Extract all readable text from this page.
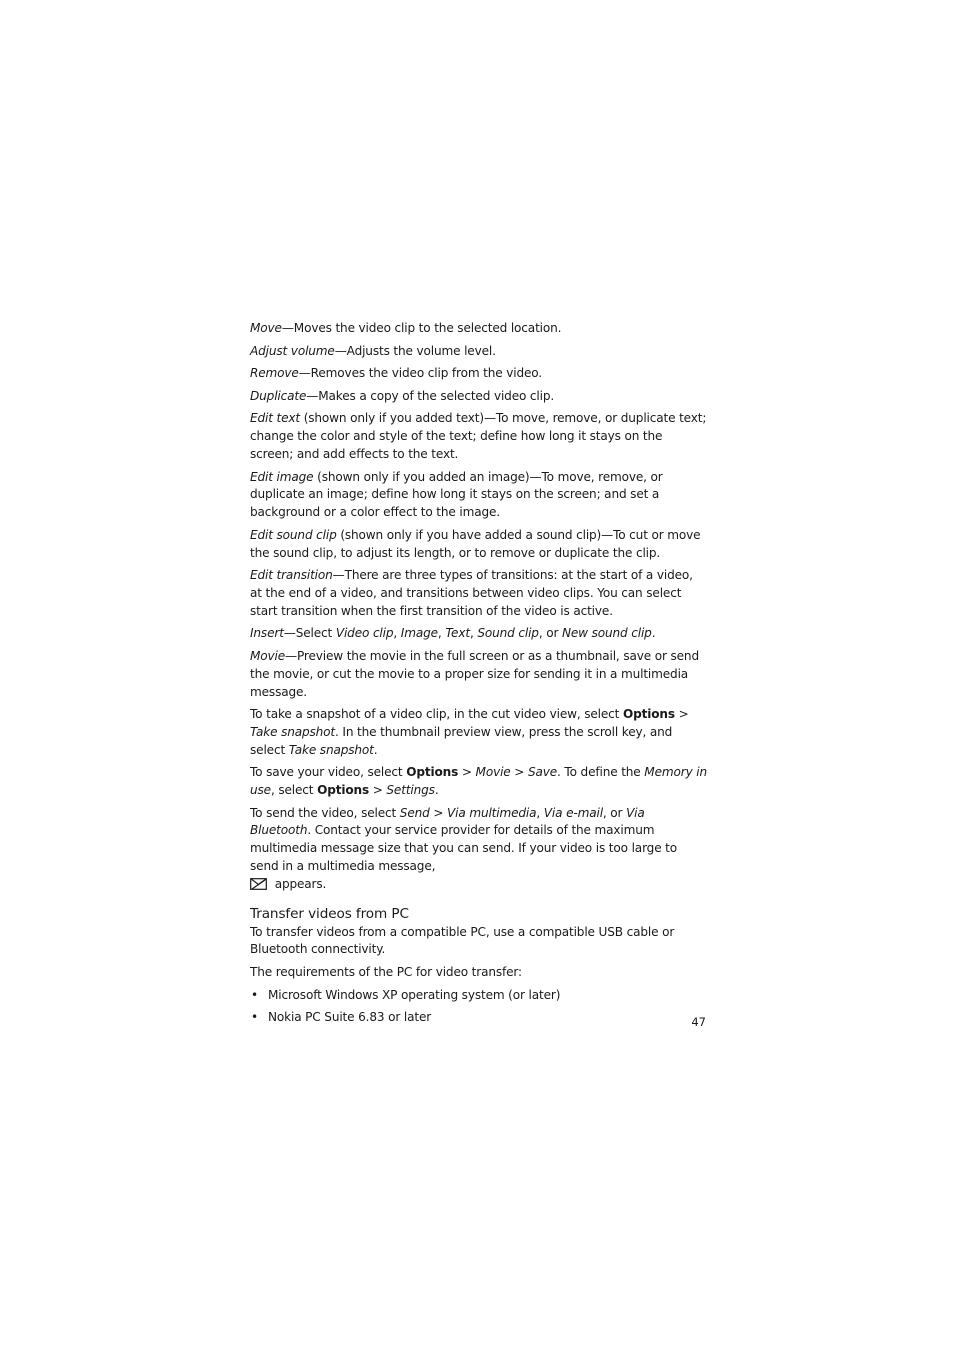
Move—Moves the video clip to the selected location.

Adjust volume—Adjusts the volume level.

Remove—Removes the video clip from the video.

Duplicate—Makes a copy of the selected video clip.

Edit text (shown only if you added text)—To move, remove, or duplicate text; change the color and style of the text; define how long it stays on the screen; and add effects to the text.

Edit image (shown only if you added an image)—To move, remove, or duplicate an image; define how long it stays on the screen; and set a background or a color effect to the image.

Edit sound clip (shown only if you have added a sound clip)—To cut or move the sound clip, to adjust its length, or to remove or duplicate the clip.

Edit transition—There are three types of transitions: at the start of a video, at the end of a video, and transitions between video clips. You can select start transition when the first transition of the video is active.

Insert—Select Video clip, Image, Text, Sound clip, or New sound clip.

Movie—Preview the movie in the full screen or as a thumbnail, save or send the movie, or cut the movie to a proper size for sending it in a multimedia message.

To take a snapshot of a video clip, in the cut video view, select Options > Take snapshot. In the thumbnail preview view, press the scroll key, and select Take snapshot.

To save your video, select Options > Movie > Save. To define the Memory in use, select Options > Settings.

To send the video, select Send > Via multimedia, Via e-mail, or Via Bluetooth. Contact your service provider for details of the maximum multimedia message size that you can send. If your video is too large to send in a multimedia message,
appears.

Transfer videos from PC

To transfer videos from a compatible PC, use a compatible USB cable or Bluetooth connectivity.

The requirements of the PC for video transfer:

• Microsoft Windows XP operating system (or later)
• Nokia PC Suite 6.83 or later	47
